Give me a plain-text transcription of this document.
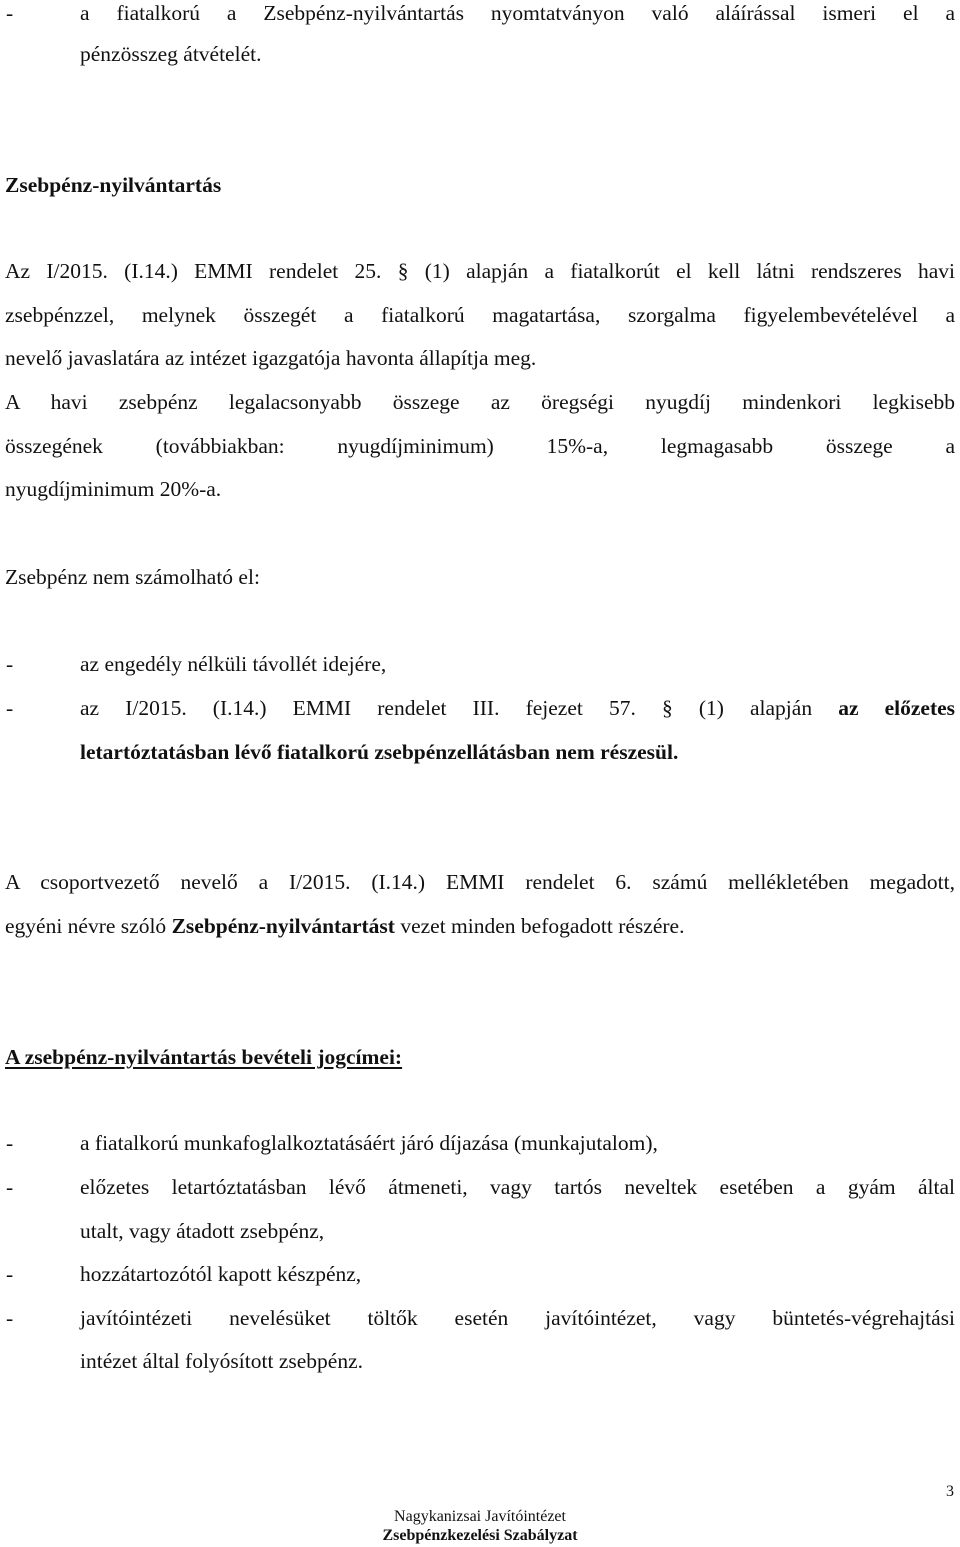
-	a fiatalkorú a Zsebpénz-nyilvántartás nyomtatványon való aláírással ismeri el a
pénzösszeg átvételét.
Zsebpénz-nyilvántartás
Az I/2015. (I.14.) EMMI rendelet 25. § (1) alapján a fiatalkorút el kell látni rendszeres havi
zsebpénzzel, melynek összegét a fiatalkorú magatartása, szorgalma figyelembevételével a
nevelő javaslatára az intézet igazgatója havonta állapítja meg.
A havi zsebpénz legalacsonyabb összege az öregségi nyugdíj mindenkori legkisebb
összegének (továbbiakban: nyugdíjminimum) 15%-a, legmagasabb összege a
nyugdíjminimum 20%-a.
Zsebpénz nem számolható el:
-	az engedély nélküli távollét idejére,
-	az I/2015. (I.14.) EMMI rendelet III. fejezet 57. § (1) alapján az előzetes
letartóztatásban lévő fiatalkorú zsebpénzellátásban nem részesül.
A csoportvezető nevelő a I/2015. (I.14.) EMMI rendelet 6. számú mellékletében megadott,
egyéni névre szóló Zsebpénz-nyilvántartást vezet minden befogadott részére.
A zsebpénz-nyilvántartás bevételi jogcímei:
-	a fiatalkorú munkafoglalkoztatásáért járó díjazása (munkajutalom),
-	előzetes letartóztatásban lévő átmeneti, vagy tartós neveltek esetében a gyám által
utalt, vagy átadott zsebpénz,
-	hozzátartozótól kapott készpénz,
-	javítóintézeti nevelésüket töltők esetén javítóintézet, vagy büntetés-végrehajtási
intézet által folyósított zsebpénz.
3
Nagykanizsai Javítóintézet
Zsebpénzkezelési Szabályzat
